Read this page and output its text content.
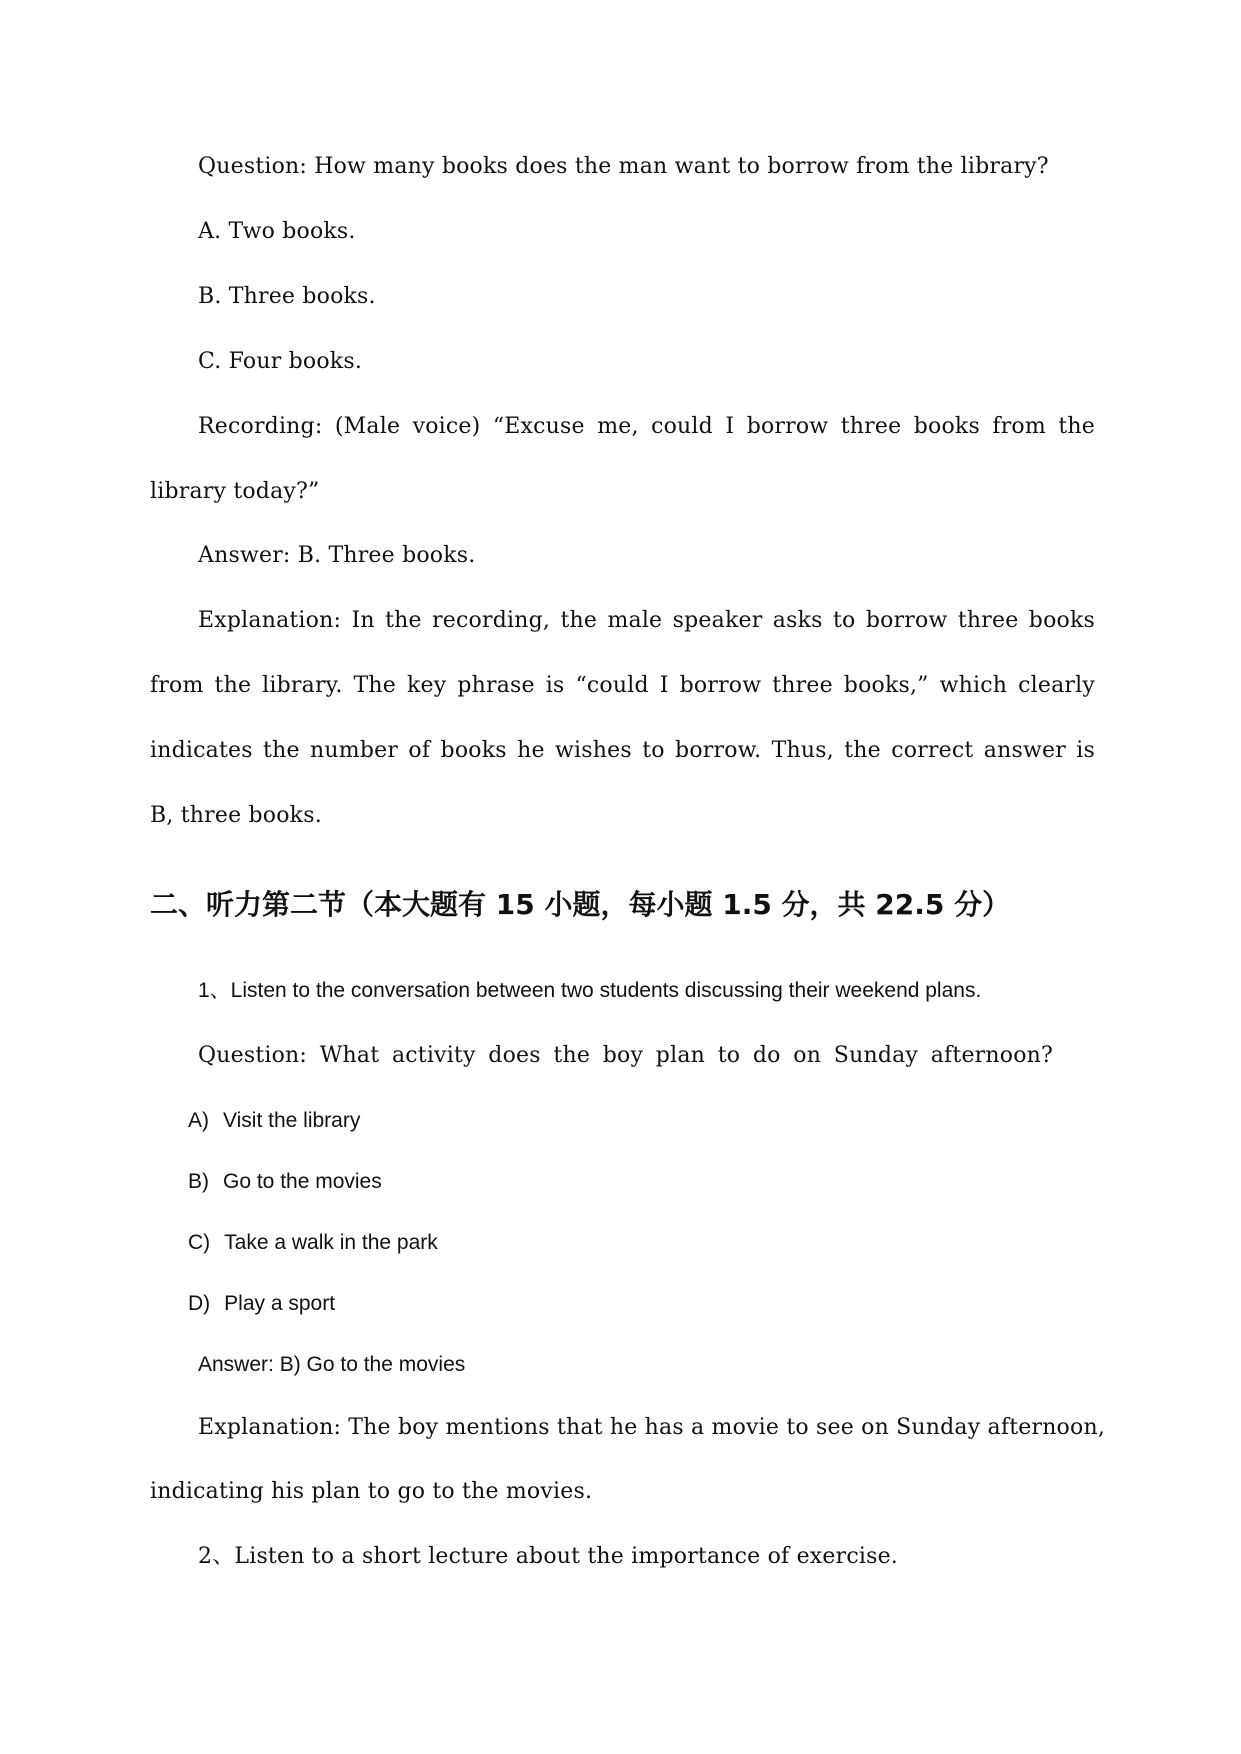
Question: How many books does the man want to borrow from the library?
A. Two books.
B. Three books.
C. Four books.
Recording: (Male voice) “Excuse me, could I borrow three books from the
library today?”
Answer: B. Three books.
Explanation: In the recording, the male speaker asks to borrow three books
from the library. The key phrase is “could I borrow three books,” which clearly
indicates the number of books he wishes to borrow. Thus, the correct answer is
B, three books.
二、听力第二节（本大题有 15 小题，每小题 1.5 分，共 22.5 分）
1、Listen to the conversation between two students discussing their weekend plans.
Question: What activity does the boy plan to do on Sunday afternoon?
A) Visit the library
B) Go to the movies
C) Take a walk in the park
D) Play a sport
Answer: B) Go to the movies
Explanation: The boy mentions that he has a movie to see on Sunday afternoon,
indicating his plan to go to the movies.
2、Listen to a short lecture about the importance of exercise.
